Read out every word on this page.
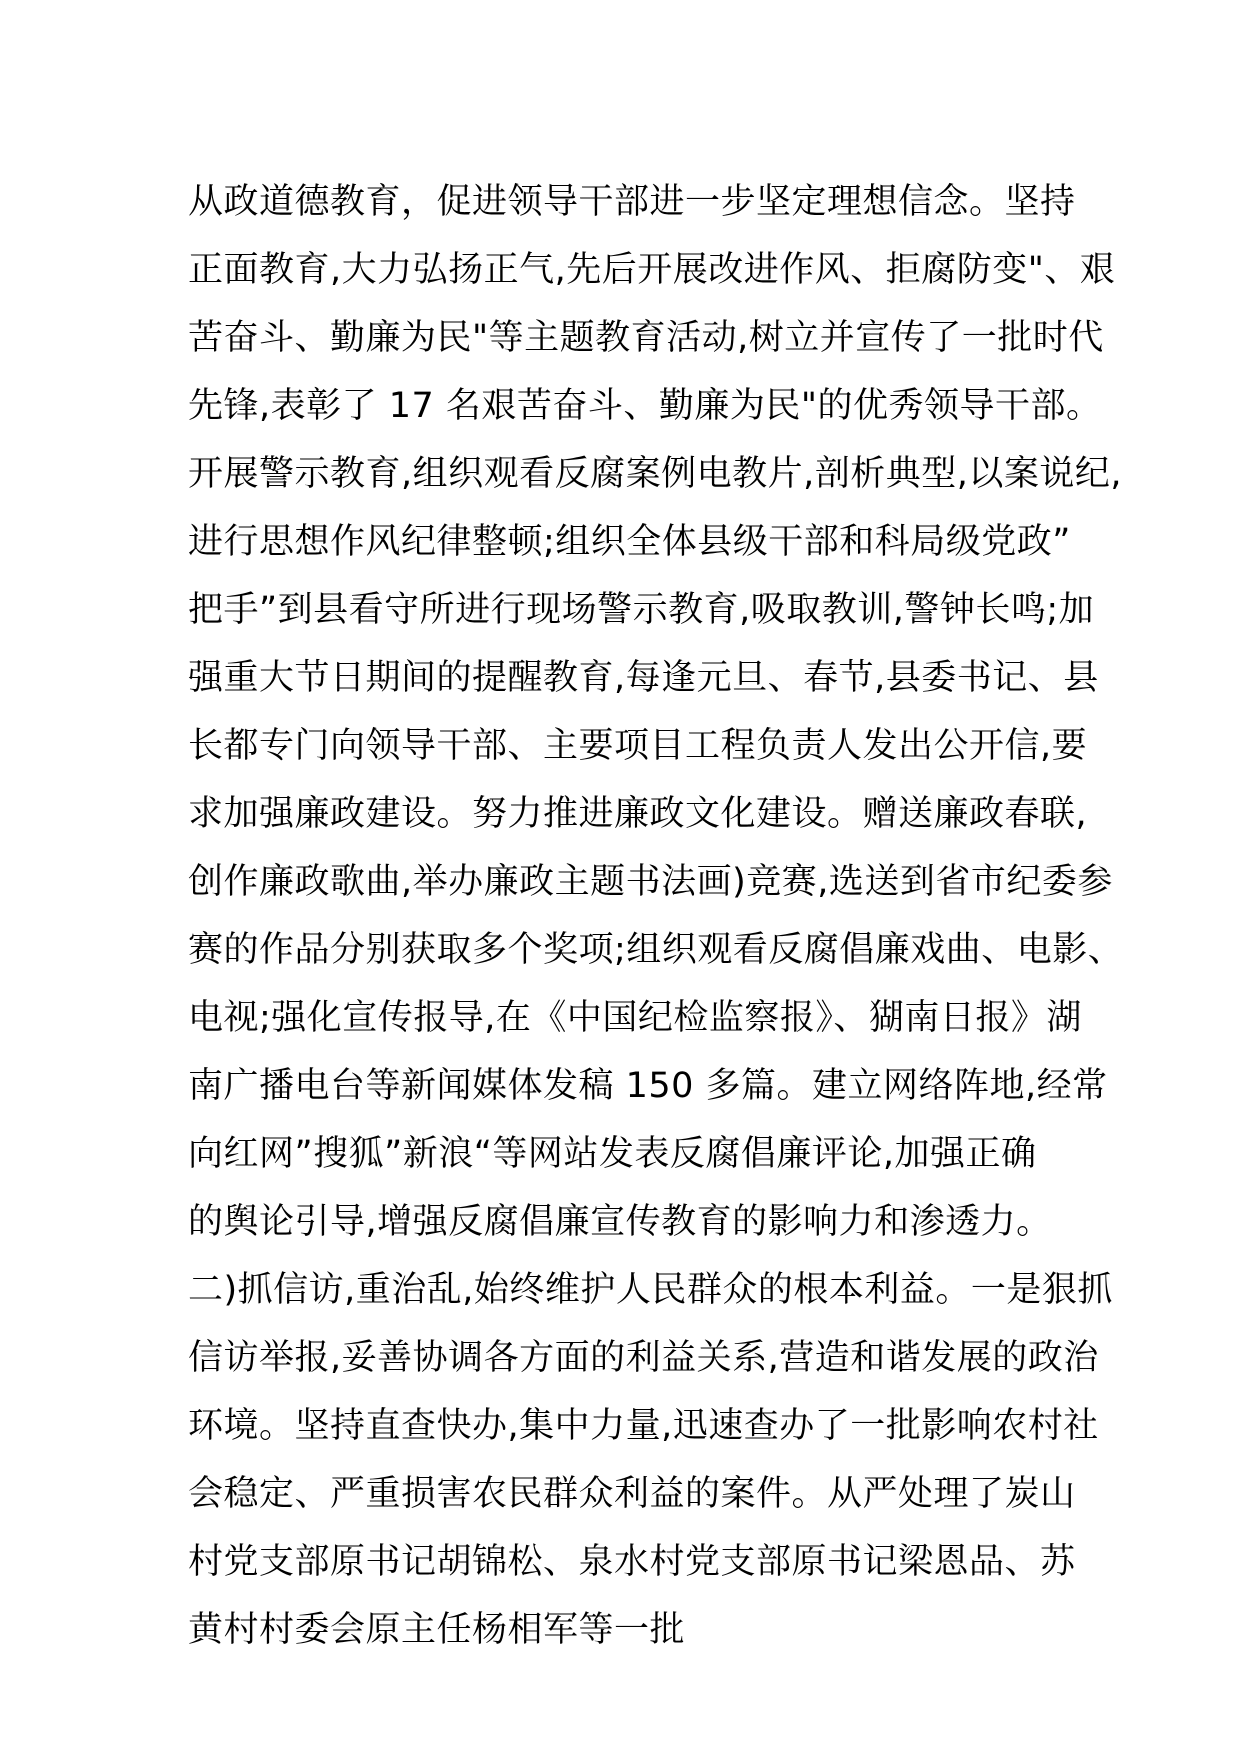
从政道德教育，促进领导干部进一步坚定理想信念。坚持
正面教育,大力弘扬正气,先后开展改进作风、拒腐防变"、艰
苦奋斗、勤廉为民"等主题教育活动,树立并宣传了一批时代
先锋,表彰了 17 名艰苦奋斗、勤廉为民"的优秀领导干部。
开展警示教育,组织观看反腐案例电教片,剖析典型,以案说纪,
进行思想作风纪律整顿;组织全体县级干部和科局级党政”
把手”到县看守所进行现场警示教育,吸取教训,警钟长鸣;加
强重大节日期间的提醒教育,每逢元旦、春节,县委书记、县
长都专门向领导干部、主要项目工程负责人发出公开信,要
求加强廉政建设。努力推进廉政文化建设。赠送廉政春联,
创作廉政歌曲,举办廉政主题书法画)竞赛,选送到省市纪委参
赛的作品分别获取多个奖项;组织观看反腐倡廉戏曲、电影、
电视;强化宣传报导,在《中国纪检监察报》、猢南日报》湖
南广播电台等新闻媒体发稿 150 多篇。建立网络阵地,经常
向红网”搜狐”新浪“等网站发表反腐倡廉评论,加强正确
的舆论引导,增强反腐倡廉宣传教育的影响力和渗透力。
二)抓信访,重治乱,始终维护人民群众的根本利益。一是狠抓
信访举报,妥善协调各方面的利益关系,营造和谐发展的政治
环境。坚持直查快办,集中力量,迅速查办了一批影响农村社
会稳定、严重损害农民群众利益的案件。从严处理了炭山
村党支部原书记胡锦松、泉水村党支部原书记梁恩品、苏
黄村村委会原主任杨相军等一批
